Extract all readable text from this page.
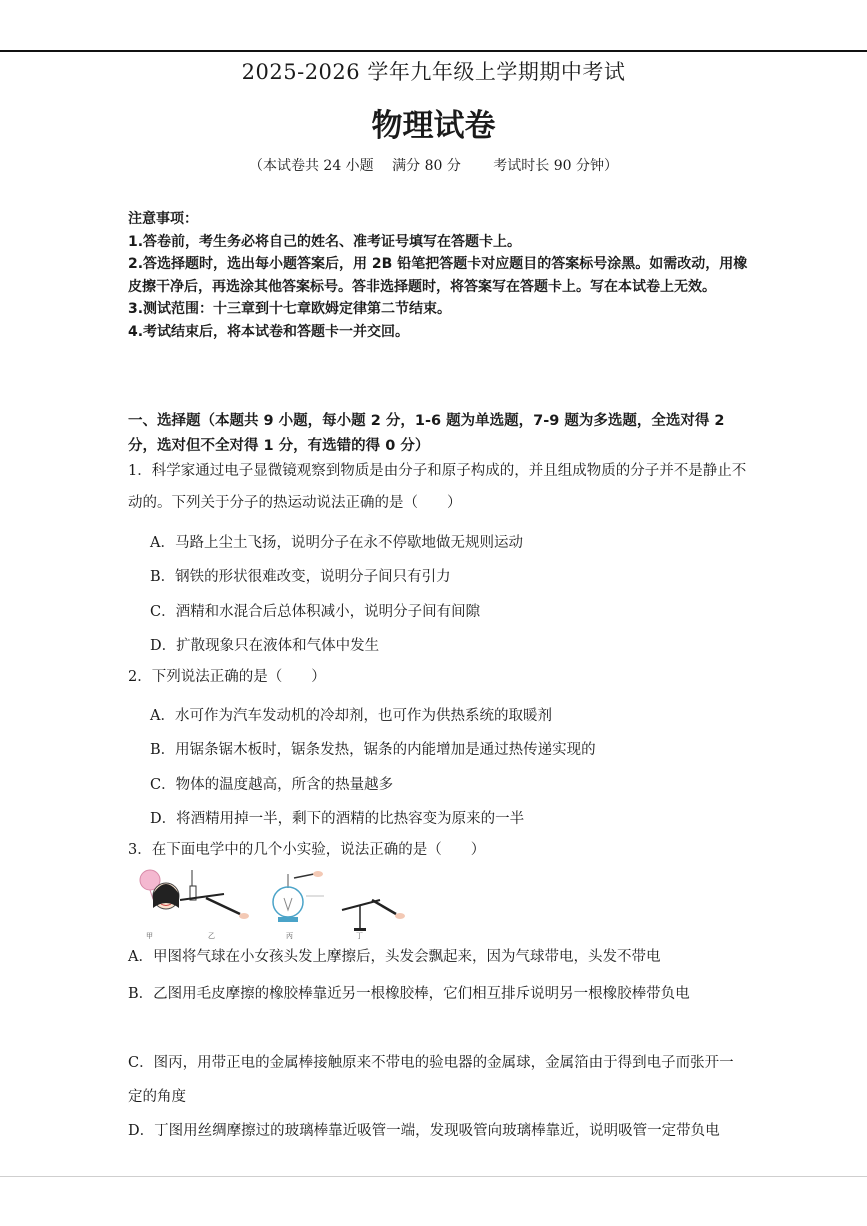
2025-2026 学年九年级上学期期中考试
物理试卷
（本试卷共 24 小题　 满分 80 分　　 考试时长 90 分钟）
注意事项：
1.答卷前，考生务必将自己的姓名、准考证号填写在答题卡上。
2.答选择题时，选出每小题答案后，用 2B 铅笔把答题卡对应题目的答案标号涂黑。如需改动，用橡皮擦干净后，再选涂其他答案标号。答非选择题时，将答案写在答题卡上。写在本试卷上无效。
3.测试范围：十三章到十七章欧姆定律第二节结束。
4.考试结束后，将本试卷和答题卡一并交回。
一、选择题（本题共 9 小题，每小题 2 分，1-6 题为单选题，7-9 题为多选题，全选对得 2 分，选对但不全对得 1 分，有选错的得 0 分）
1．科学家通过电子显微镜观察到物质是由分子和原子构成的，并且组成物质的分子并不是静止不动的。下列关于分子的热运动说法正确的是（　　）
A．马路上尘土飞扬，说明分子在永不停歇地做无规则运动
B．钢铁的形状很难改变，说明分子间只有引力
C．酒精和水混合后总体积减小，说明分子间有间隙
D．扩散现象只在液体和气体中发生
2．下列说法正确的是（　　）
A．水可作为汽车发动机的冷却剂，也可作为供热系统的取暖剂
B．用锯条锯木板时，锯条发热，锯条的内能增加是通过热传递实现的
C．物体的温度越高，所含的热量越多
D．将酒精用掉一半，剩下的酒精的比热容变为原来的一半
3．在下面电学中的几个小实验，说法正确的是（　　）
甲	乙	丙	丁
A．甲图将气球在小女孩头发上摩擦后，头发会飘起来，因为气球带电，头发不带电
B．乙图用毛皮摩擦的橡胶棒靠近另一根橡胶棒，它们相互排斥说明另一根橡胶棒带负电
C．图丙，用带正电的金属棒接触原来不带电的验电器的金属球，金属箔由于得到电子而张开一定的角度
D．丁图用丝绸摩擦过的玻璃棒靠近吸管一端，发现吸管向玻璃棒靠近，说明吸管一定带负电
